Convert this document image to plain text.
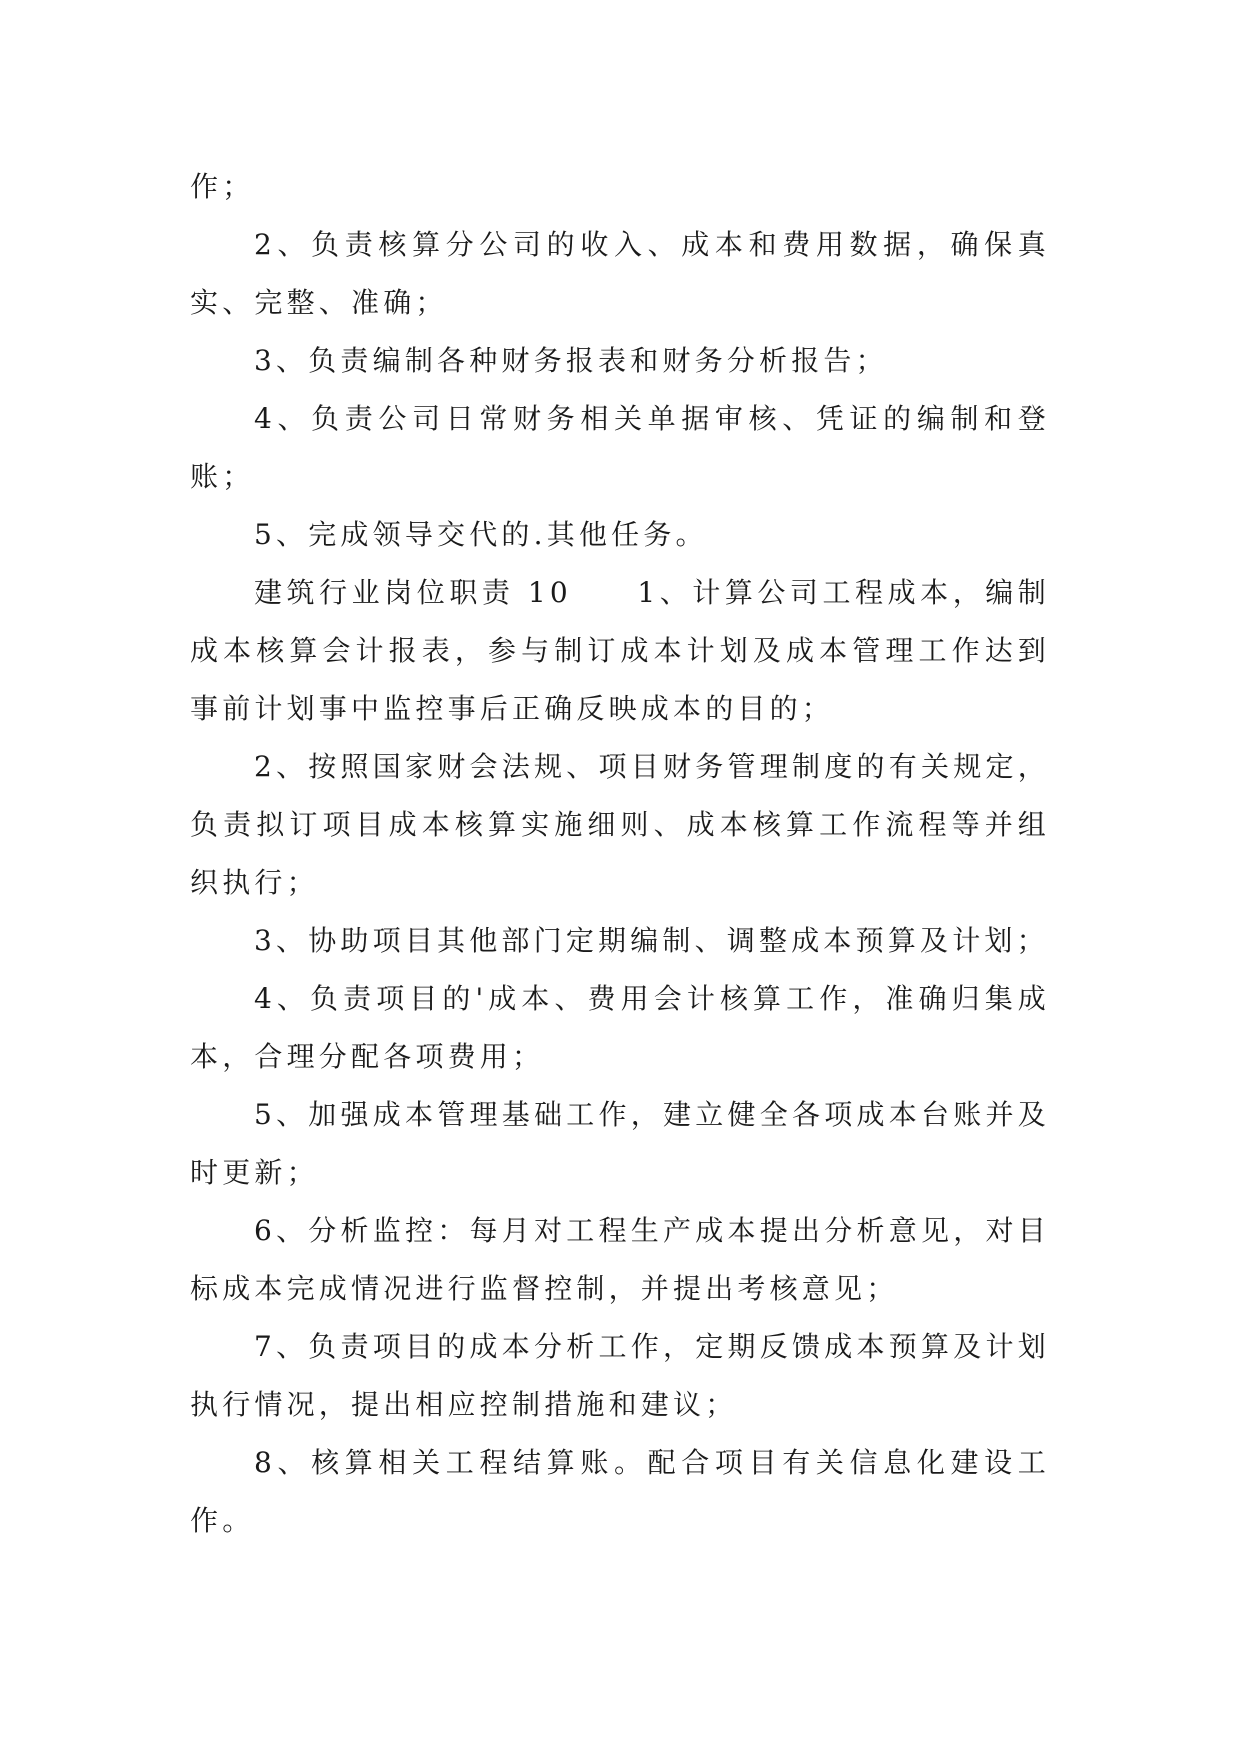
作；

2、负责核算分公司的收入、成本和费用数据，确保真实、完整、准确；

3、负责编制各种财务报表和财务分析报告；

4、负责公司日常财务相关单据审核、凭证的编制和登账；

5、完成领导交代的.其他任务。

建筑行业岗位职责 10　　1、计算公司工程成本，编制成本核算会计报表，参与制订成本计划及成本管理工作达到事前计划事中监控事后正确反映成本的目的；

2、按照国家财会法规、项目财务管理制度的有关规定，负责拟订项目成本核算实施细则、成本核算工作流程等并组织执行；

3、协助项目其他部门定期编制、调整成本预算及计划；

4、负责项目的'成本、费用会计核算工作，准确归集成本，合理分配各项费用；

5、加强成本管理基础工作，建立健全各项成本台账并及时更新；

6、分析监控：每月对工程生产成本提出分析意见，对目标成本完成情况进行监督控制，并提出考核意见；

7、负责项目的成本分析工作，定期反馈成本预算及计划执行情况，提出相应控制措施和建议；

8、核算相关工程结算账。配合项目有关信息化建设工作。
